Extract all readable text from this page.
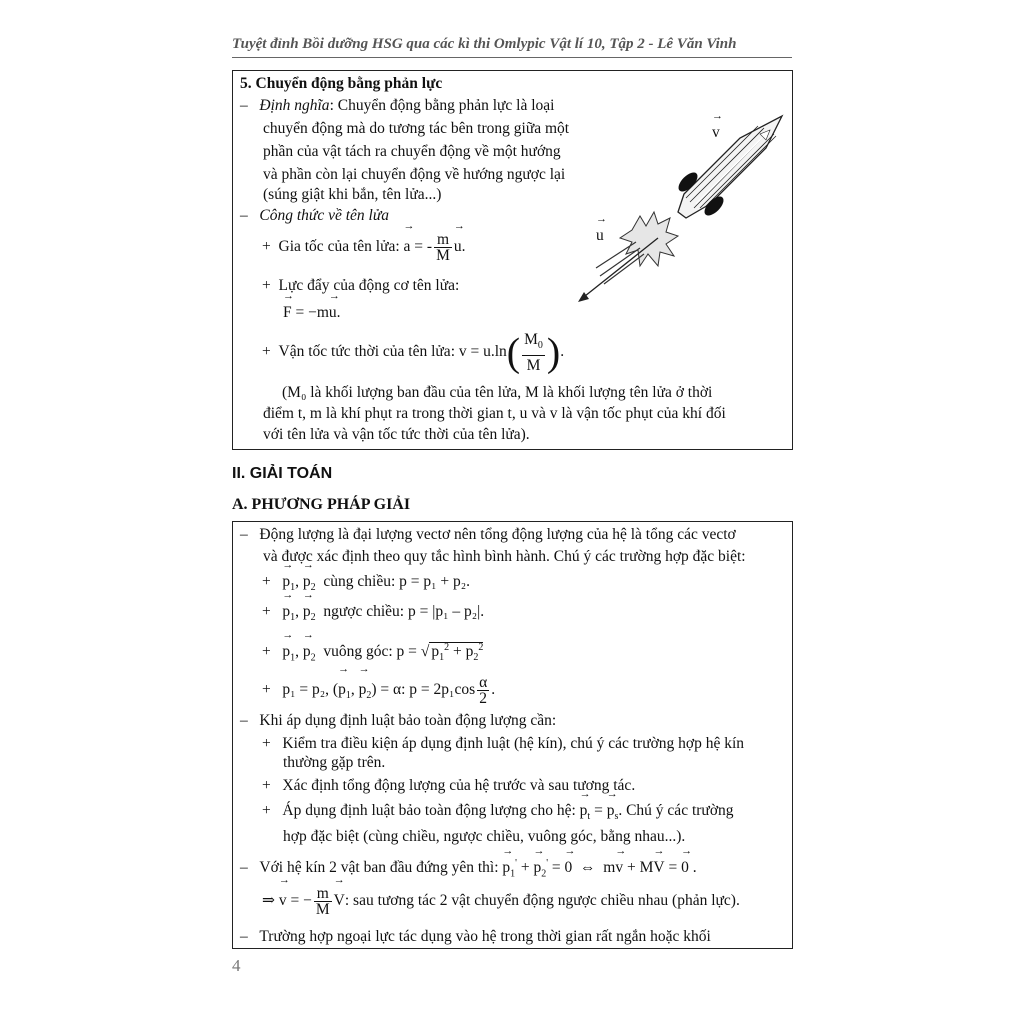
Tuyệt đỉnh Bồi dưỡng HSG qua các kì thi Omlypic Vật lí 10, Tập 2 - Lê Văn Vinh
5. Chuyển động bằng phản lực
–   Định nghĩa: Chuyển động bằng phản lực là loại
chuyển động mà do tương tác bên trong giữa một
phần của vật tách ra chuyển động về một hướng
và phần còn lại chuyển động về hướng ngược lại
(súng giật khi bắn, tên lửa...)
–   Công thức về tên lửa
+  Gia tốc của tên lửa: → a = - $\frac{m}{M}$
→ u.
+  Lực đẩy của động cơ tên lửa:
→ F = −m→ u.
+  Vận tốc tức thời của tên lửa: $v = u.\ln( \frac{M_0}{M}$ ).
(M₀ là khối lượng ban đầu của tên lửa, M là khối lượng tên lửa ở thời
điểm t, m là khí phụt ra trong thời gian t, u và v là vận tốc phụt của khí đối
với tên lửa và vận tốc tức thời của tên lửa).
→ v
→ u
II. GIẢI TOÁN
A. PHƯƠNG PHÁP GIẢI
–   Động lượng là đại lượng vectơ nên tổng động lượng của hệ là tổng các vectơ
và được xác định theo quy tắc hình bình hành. Chú ý các trường hợp đặc biệt:
+   → $p_1$, → $p_2$ cùng chiều: p = p₁ + p₂.
+   → $p_1$, → $p_2$ ngược chiều: p = |p₁ – p₂|.
+   → $p_1$, → $p_2$ vuông góc: p = √ $p_1^2 + p_2^2$
+   p₁ = p₂, (→ $p_1$, → $p_2) = \alpha$: $p = 2p_1\cos \frac{\alpha}{2}$ .
–   Khi áp dụng định luật bảo toàn động lượng cần:
+   Kiểm tra điều kiện áp dụng định luật (hệ kín), chú ý các trường hợp hệ kín
thường gặp trên.
+   Xác định tổng động lượng của hệ trước và sau tương tác.
+   Áp dụng định luật bảo toàn động lượng cho hệ: → $p_t$ = → $p_s$. Chú ý các trường
hợp đặc biệt (cùng chiều, ngược chiều, vuông góc, bằng nhau...).
–   Với hệ kín 2 vật ban đầu đứng yên thì: → $p_1'$ + → $p_2'$ = → 0  ⇔  m→ v + M→ V = → 0 .
⇒ → v = − $\frac{m}{M}$
→ V: sau tương tác 2 vật chuyển động ngược chiều nhau (phản lực).
–   Trường hợp ngoại lực tác dụng vào hệ trong thời gian rất ngắn hoặc khối
4
